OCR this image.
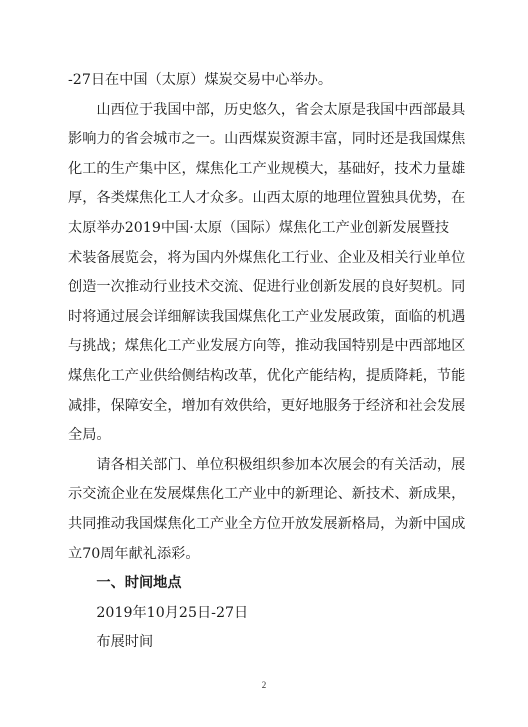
-27日在中国（太原）煤炭交易中心举办。
山西位于我国中部，历史悠久，省会太原是我国中西部最具
影响力的省会城市之一。山西煤炭资源丰富，同时还是我国煤焦
化工的生产集中区，煤焦化工产业规模大，基础好，技术力量雄
厚，各类煤焦化工人才众多。山西太原的地理位置独具优势，在
太原举办2019中国·太原（国际）煤焦化工产业创新发展暨技
术装备展览会，将为国内外煤焦化工行业、企业及相关行业单位
创造一次推动行业技术交流、促进行业创新发展的良好契机。同
时将通过展会详细解读我国煤焦化工产业发展政策，面临的机遇
与挑战；煤焦化工产业发展方向等，推动我国特别是中西部地区
煤焦化工产业供给侧结构改革，优化产能结构，提质降耗，节能
减排，保障安全，增加有效供给，更好地服务于经济和社会发展
全局。
请各相关部门、单位积极组织参加本次展会的有关活动，展
示交流企业在发展煤焦化工产业中的新理论、新技术、新成果，
共同推动我国煤焦化工产业全方位开放发展新格局，为新中国成
立70周年献礼添彩。
一、时间地点
2019年10月25日-27日
布展时间
2
